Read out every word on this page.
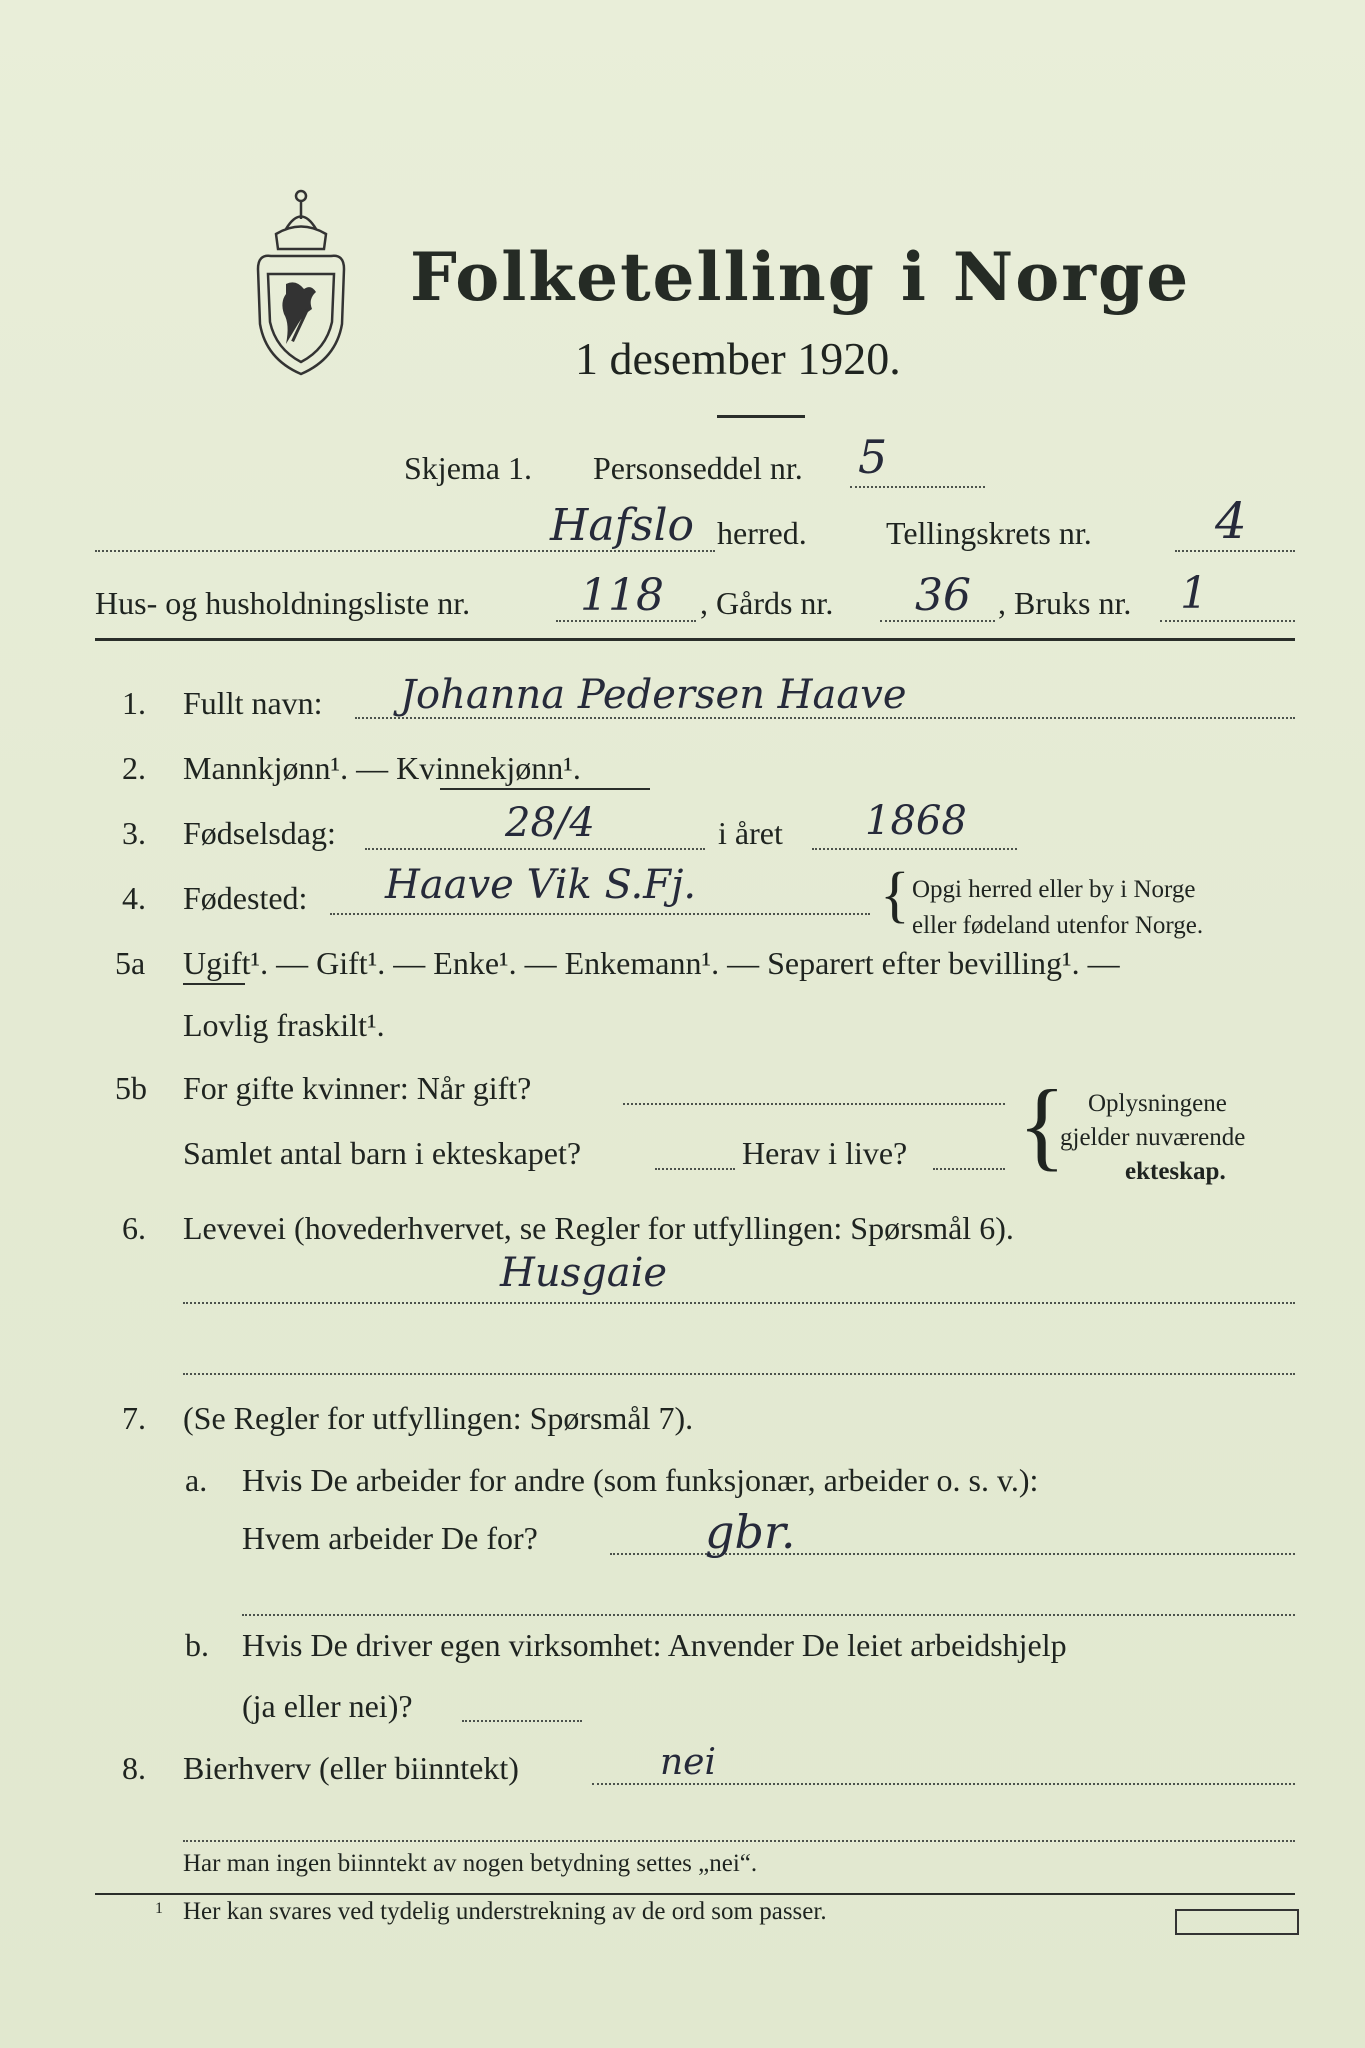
Folketelling i Norge
1 desember 1920.
Skjema 1. Personseddel nr. 5
Hafslo herred. Tellingskrets nr. 4
Hus- og husholdningsliste nr. 118 , Gårds nr. 36 , Bruks nr. 1
1. Fullt navn: Johanna Pedersen Haave
2. Mannkjønn¹. — Kvinnekjønn¹.
3. Fødselsdag:	28/4	i året 1868
4. Fødested: Haave Vik S.Fj.	{ Opgi herred eller by i Norge
eller fødeland utenfor Norge.
5a Ugift¹. — Gift¹. — Enke¹. — Enkemann¹. — Separert efter bevilling¹. —
Lovlig fraskilt¹.
5b For gifte kvinner: Når gift?
Samlet antal barn i ekteskapet?	Herav i live? { Oplysningene
gjelder nuværende
ekteskap.
6. Levevei (hovederhvervet, se Regler for utfyllingen: Spørsmål 6).
Husgaie
7. (Se Regler for utfyllingen: Spørsmål 7).
a. Hvis De arbeider for andre (som funksjonær, arbeider o. s. v.):
Hvem arbeider De for?	gbr.
b. Hvis De driver egen virksomhet: Anvender De leiet arbeidshjelp
(ja eller nei)?
8. Bierhverv (eller biinntekt)	nei
Har man ingen biinntekt av nogen betydning settes „nei“.
1 Her kan svares ved tydelig understrekning av de ord som passer.
